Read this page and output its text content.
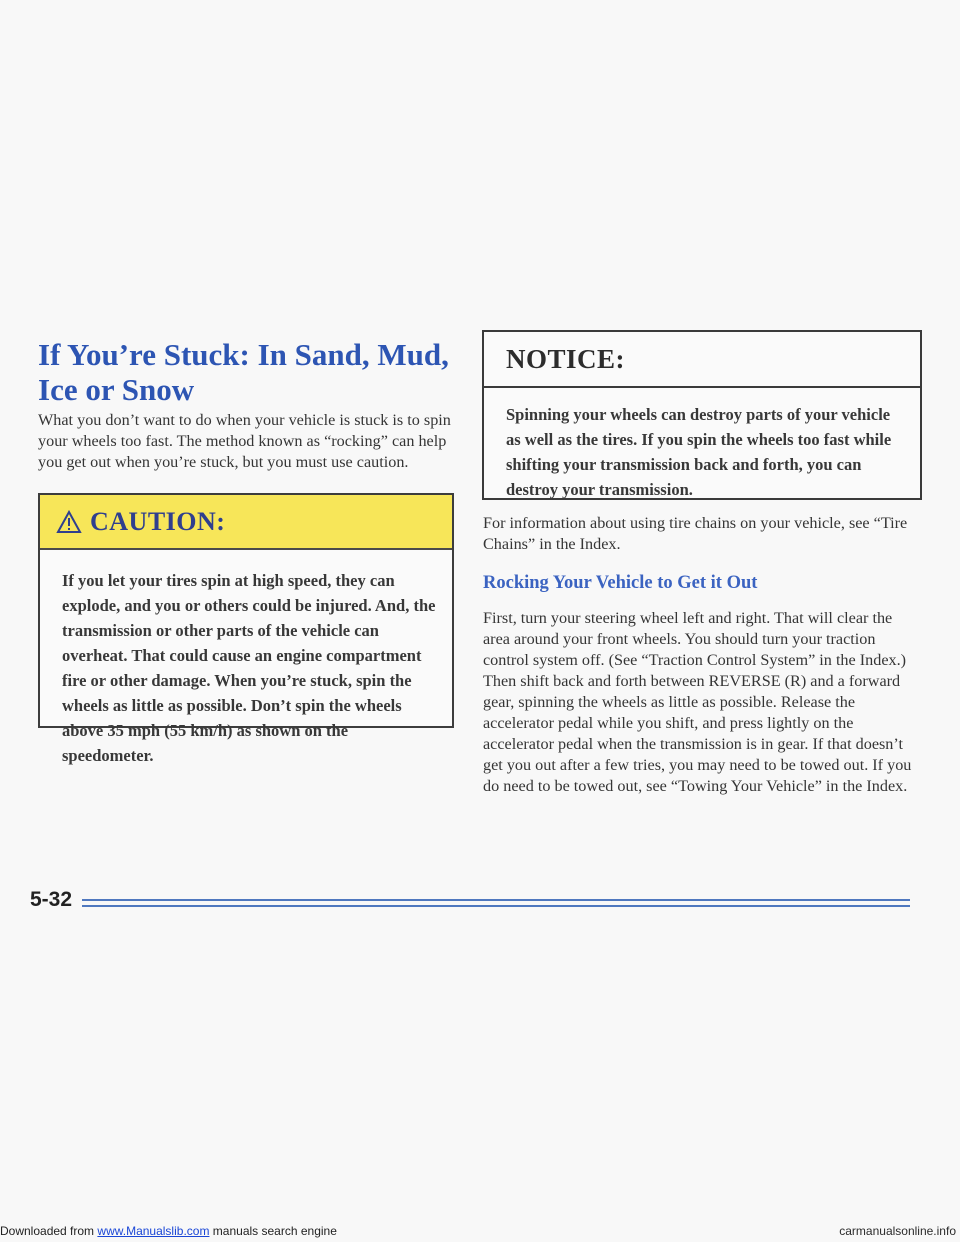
If You’re Stuck: In Sand, Mud, Ice or Snow

What you don’t want to do when your vehicle is stuck is to spin your wheels too fast. The method known as “rocking” can help you get out when you’re stuck, but you must use caution.

CAUTION:

If you let your tires spin at high speed, they can explode, and you or others could be injured. And, the transmission or other parts of the vehicle can overheat. That could cause an engine compartment fire or other damage. When you’re stuck, spin the wheels as little as possible. Don’t spin the wheels above 35 mph (55 km/h) as shown on the speedometer.

NOTICE:

Spinning your wheels can destroy parts of your vehicle as well as the tires. If you spin the wheels too fast while shifting your transmission back and forth, you can destroy your transmission.

For information about using tire chains on your vehicle, see “Tire Chains” in the Index.

Rocking Your Vehicle to Get it Out

First, turn your steering wheel left and right. That will clear the area around your front wheels. You should turn your traction control system off. (See “Traction Control System” in the Index.) Then shift back and forth between REVERSE (R) and a forward gear, spinning the wheels as little as possible. Release the accelerator pedal while you shift, and press lightly on the accelerator pedal when the transmission is in gear. If that doesn’t get you out after a few tries, you may need to be towed out. If you do need to be towed out, see “Towing Your Vehicle” in the Index.

5-32

Downloaded from www.Manualslib.com manuals search engine	carmanualsonline.info
